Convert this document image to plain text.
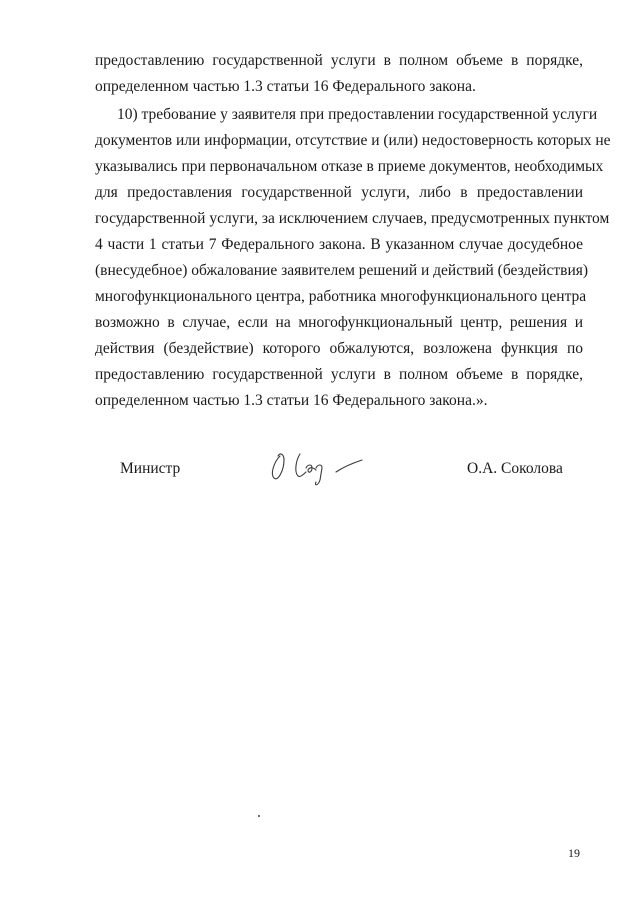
предоставлению государственной услуги в полном объеме в порядке,
определенном частью 1.3 статьи 16 Федерального закона.
10) требование у заявителя при предоставлении государственной услуги
документов или информации, отсутствие и (или) недостоверность которых не
указывались при первоначальном отказе в приеме документов, необходимых
для предоставления государственной услуги, либо в предоставлении
государственной услуги, за исключением случаев, предусмотренных пунктом
4 части 1 статьи 7 Федерального закона. В указанном случае досудебное
(внесудебное) обжалование заявителем решений и действий (бездействия)
многофункционального центра, работника многофункционального центра
возможно в случае, если на многофункциональный центр, решения и
действия (бездействие) которого обжалуются, возложена функция по
предоставлению государственной услуги в полном объеме в порядке,
определенном частью 1.3 статьи 16 Федерального закона.».
Министр	О.А. Соколова
19
